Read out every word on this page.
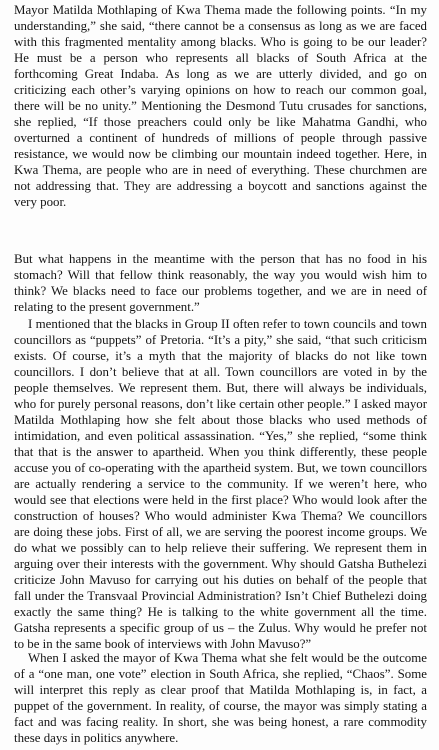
Mayor Matilda Mothlaping of Kwa Thema made the following points. “In my understanding,” she said, “there cannot be a consensus as long as we are faced with this fragmented mentality among blacks. Who is going to be our leader? He must be a person who represents all blacks of South Africa at the forthcoming Great Indaba. As long as we are utterly divided, and go on criticizing each other’s varying opinions on how to reach our common goal, there will be no unity.” Mentioning the Desmond Tutu crusades for sanctions, she replied, “If those preachers could only be like Mahatma Gandhi, who overturned a continent of hundreds of millions of people through passive resistance, we would now be climbing our mountain indeed together. Here, in Kwa Thema, are people who are in need of everything. These churchmen are not addressing that. They are addressing a boycott and sanctions against the very poor.
But what happens in the meantime with the person that has no food in his stomach? Will that fellow think reasonably, the way you would wish him to think? We blacks need to face our problems together, and we are in need of relating to the present government.”
I mentioned that the blacks in Group II often refer to town councils and town councillors as “puppets” of Pretoria. “It’s a pity,” she said, “that such criticism exists. Of course, it’s a myth that the majority of blacks do not like town councillors. I don’t believe that at all. Town councillors are voted in by the people themselves. We represent them. But, there will always be individuals, who for purely personal reasons, don’t like certain other people.” I asked mayor Matilda Mothlaping how she felt about those blacks who used methods of intimidation, and even political assassination. “Yes,” she replied, “some think that that is the answer to apartheid. When you think differently, these people accuse you of co-operating with the apartheid system. But, we town councillors are actually rendering a service to the community. If we weren’t here, who would see that elections were held in the first place? Who would look after the construction of houses? Who would administer Kwa Thema? We councillors are doing these jobs. First of all, we are serving the poorest income groups. We do what we possibly can to help relieve their suffering. We represent them in arguing over their interests with the government. Why should Gatsha Buthelezi criticize John Mavuso for carrying out his duties on behalf of the people that fall under the Transvaal Provincial Administration? Isn’t Chief Buthelezi doing exactly the same thing? He is talking to the white government all the time. Gatsha represents a specific group of us – the Zulus. Why would he prefer not to be in the same book of interviews with John Mavuso?”
When I asked the mayor of Kwa Thema what she felt would be the outcome of a “one man, one vote” election in South Africa, she replied, “Chaos”. Some will interpret this reply as clear proof that Matilda Mothlaping is, in fact, a puppet of the government. In reality, of course, the mayor was simply stating a fact and was facing reality. In short, she was being honest, a rare commodity these days in politics anywhere.
